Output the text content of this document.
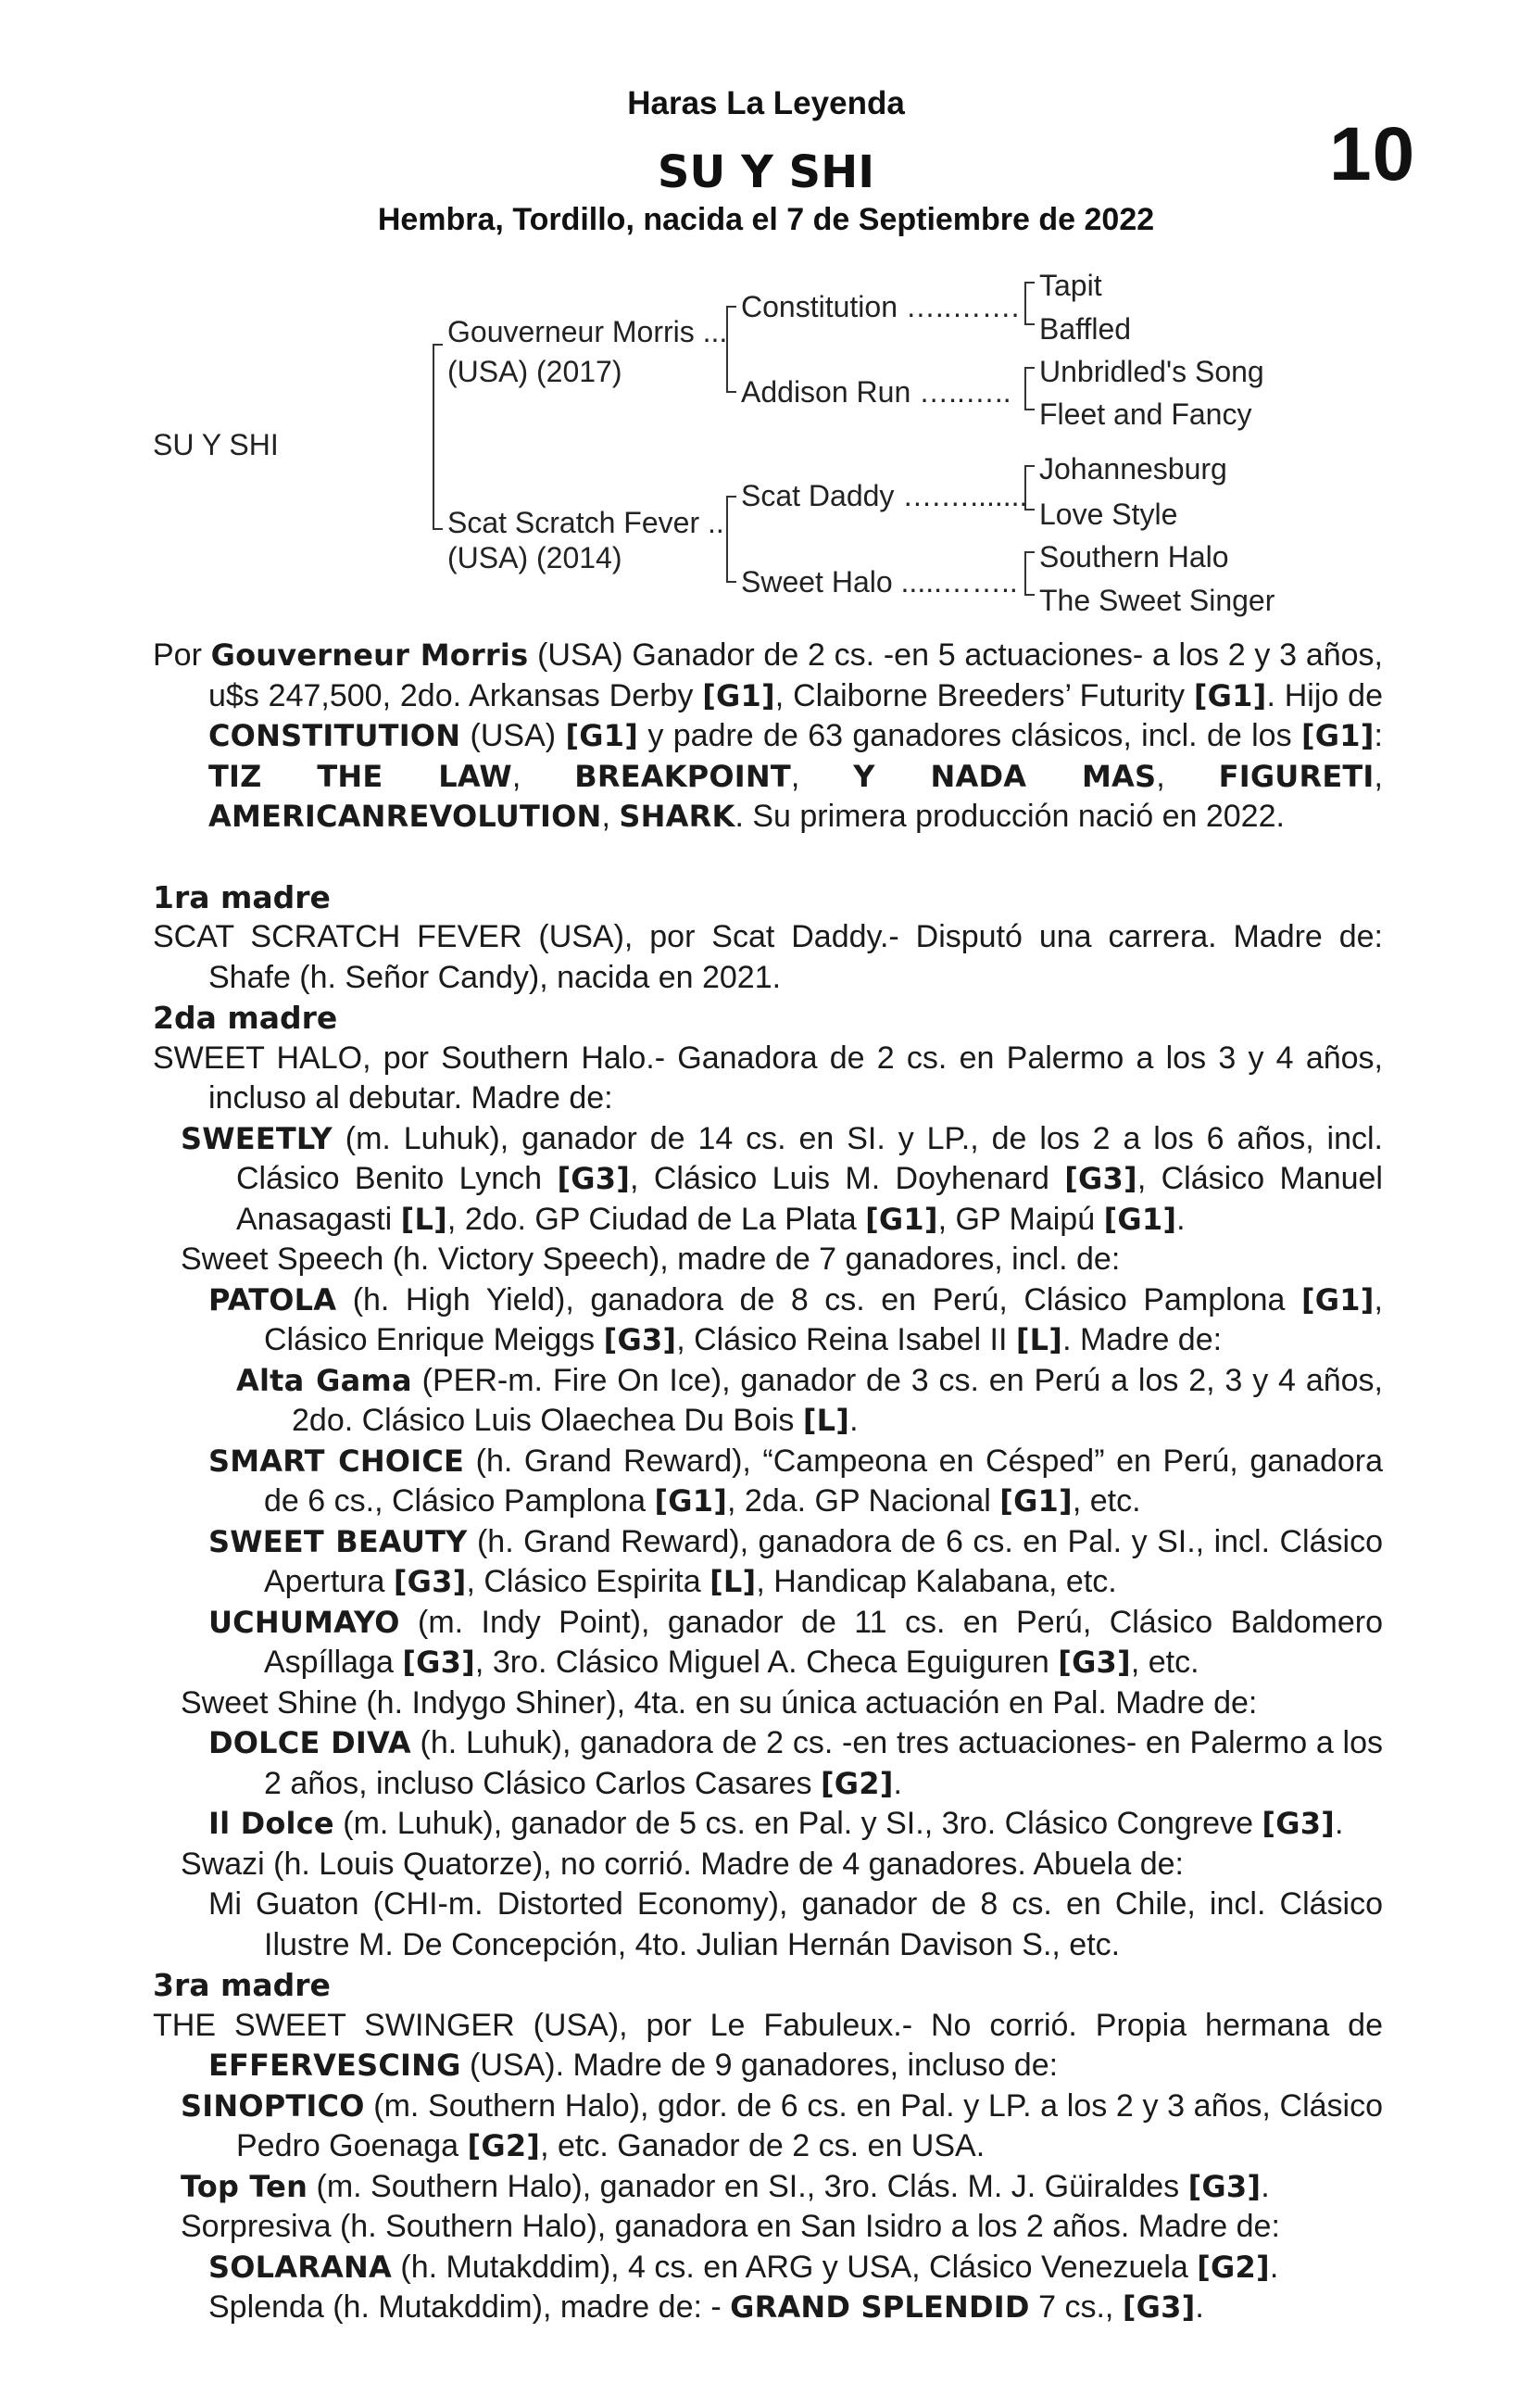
Haras La Leyenda
SU Y SHI	10
Hembra, Tordillo, nacida el 7 de Septiembre de 2022
SU Y SHI
Gouverneur Morris ...
(USA) (2017)
Scat Scratch Fever ..
(USA) (2014)
Constitution …..…….
Addison Run …..…..
Scat Daddy ….….......
Sweet Halo .....……..
Tapit
Baffled
Unbridled's Song
Fleet and Fancy
Johannesburg
Love Style
Southern Halo
The Sweet Singer
Por Gouverneur Morris (USA) Ganador de 2 cs. -en 5 actuaciones- a los 2 y 3 años, u$s 247,500, 2do. Arkansas Derby [G1], Claiborne Breeders’ Futurity [G1]. Hijo de CONSTITUTION (USA) [G1] y padre de 63 ganadores clásicos, incl. de los [G1]: TIZ THE LAW, BREAKPOINT, Y NADA MAS, FIGURETI, AMERICANREVOLUTION, SHARK. Su primera producción nació en 2022.
1ra madre
SCAT SCRATCH FEVER (USA), por Scat Daddy.- Disputó una carrera. Madre de: Shafe (h. Señor Candy), nacida en 2021.
2da madre
SWEET HALO, por Southern Halo.- Ganadora de 2 cs. en Palermo a los 3 y 4 años, incluso al debutar. Madre de:
SWEETLY (m. Luhuk), ganador de 14 cs. en SI. y LP., de los 2 a los 6 años, incl. Clásico Benito Lynch [G3], Clásico Luis M. Doyhenard [G3], Clásico Manuel Anasagasti [L], 2do. GP Ciudad de La Plata [G1], GP Maipú [G1].
Sweet Speech (h. Victory Speech), madre de 7 ganadores, incl. de:
PATOLA (h. High Yield), ganadora de 8 cs. en Perú, Clásico Pamplona [G1], Clásico Enrique Meiggs [G3], Clásico Reina Isabel II [L]. Madre de:
Alta Gama (PER-m. Fire On Ice), ganador de 3 cs. en Perú a los 2, 3 y 4 años, 2do. Clásico Luis Olaechea Du Bois [L].
SMART CHOICE (h. Grand Reward), “Campeona en Césped” en Perú, ganadora de 6 cs., Clásico Pamplona [G1], 2da. GP Nacional [G1], etc.
SWEET BEAUTY (h. Grand Reward), ganadora de 6 cs. en Pal. y SI., incl. Clásico Apertura [G3], Clásico Espirita [L], Handicap Kalabana, etc.
UCHUMAYO (m. Indy Point), ganador de 11 cs. en Perú, Clásico Baldomero Aspíllaga [G3], 3ro. Clásico Miguel A. Checa Eguiguren [G3], etc.
Sweet Shine (h. Indygo Shiner), 4ta. en su única actuación en Pal. Madre de:
DOLCE DIVA (h. Luhuk), ganadora de 2 cs. -en tres actuaciones- en Palermo a los 2 años, incluso Clásico Carlos Casares [G2].
Il Dolce (m. Luhuk), ganador de 5 cs. en Pal. y SI., 3ro. Clásico Congreve [G3].
Swazi (h. Louis Quatorze), no corrió. Madre de 4 ganadores. Abuela de:
Mi Guaton (CHI-m. Distorted Economy), ganador de 8 cs. en Chile, incl. Clásico Ilustre M. De Concepción, 4to. Julian Hernán Davison S., etc.
3ra madre
THE SWEET SWINGER (USA), por Le Fabuleux.- No corrió. Propia hermana de EFFERVESCING (USA). Madre de 9 ganadores, incluso de:
SINOPTICO (m. Southern Halo), gdor. de 6 cs. en Pal. y LP. a los 2 y 3 años, Clásico Pedro Goenaga [G2], etc. Ganador de 2 cs. en USA.
Top Ten (m. Southern Halo), ganador en SI., 3ro. Clás. M. J. Güiraldes [G3].
Sorpresiva (h. Southern Halo), ganadora en San Isidro a los 2 años. Madre de:
SOLARANA (h. Mutakddim), 4 cs. en ARG y USA, Clásico Venezuela [G2].
Splenda (h. Mutakddim), madre de: - GRAND SPLENDID 7 cs., [G3].
